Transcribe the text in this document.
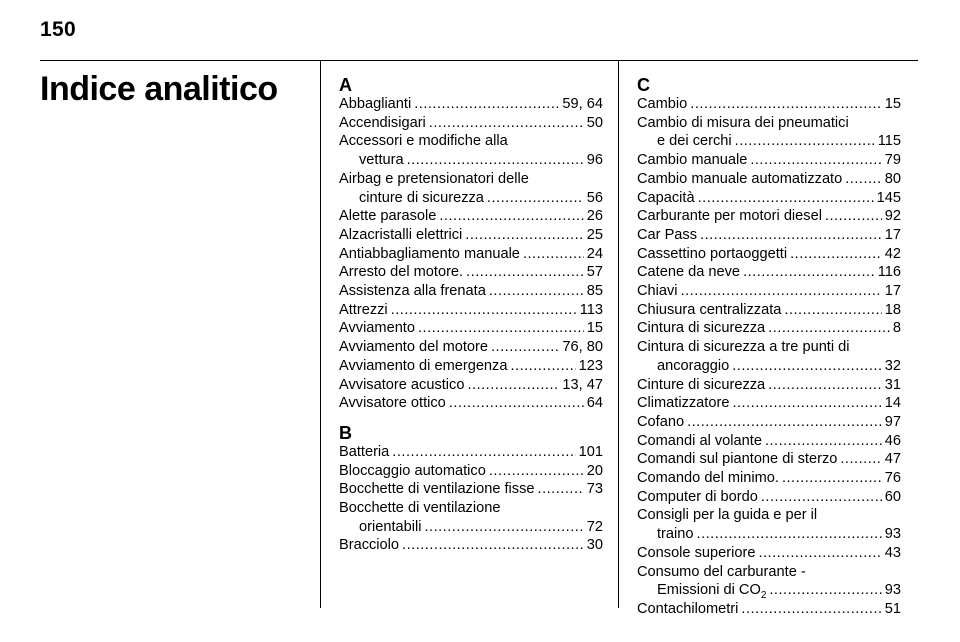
150
Indice analitico	A
Abbaglianti .....	59, 64
Accendisigari .....	50
Accessori e modifiche alla
vettura .....	96
Airbag e pretensionatori delle
cinture di sicurezza .....	56
Alette parasole .....	26
Alzacristalli elettrici .....	25
Antiabbagliamento manuale .....	24
Arresto del motore. .....	57
Assistenza alla frenata .....	85
Attrezzi .....	113
Avviamento .....	15
Avviamento del motore .....	76, 80
Avviamento di emergenza .....	123
Avvisatore acustico .....	13, 47
Avvisatore ottico .....	64
B
Batteria .....	101
Bloccaggio automatico .....	20
Bocchette di ventilazione fisse .....	73
Bocchette di ventilazione
orientabili .....	72
Bracciolo .....	30
C
Cambio .....	15
Cambio di misura dei pneumatici
e dei cerchi .....	115
Cambio manuale .....	79
Cambio manuale automatizzato .....	80
Capacità .....	145
Carburante per motori diesel .....	92
Car Pass .....	17
Cassettino portaoggetti .....	42
Catene da neve .....	116
Chiavi .....	17
Chiusura centralizzata .....	18
Cintura di sicurezza .....	8
Cintura di sicurezza a tre punti di
ancoraggio .....	32
Cinture di sicurezza .....	31
Climatizzatore .....	14
Cofano .....	97
Comandi al volante .....	46
Comandi sul piantone di sterzo .....	47
Comando del minimo. .....	76
Computer di bordo .....	60
Consigli per la guida e per il
traino .....	93
Console superiore .....	43
Consumo del carburante -
Emissioni di $CO_2$ .....	93
Contachilometri .....	51
